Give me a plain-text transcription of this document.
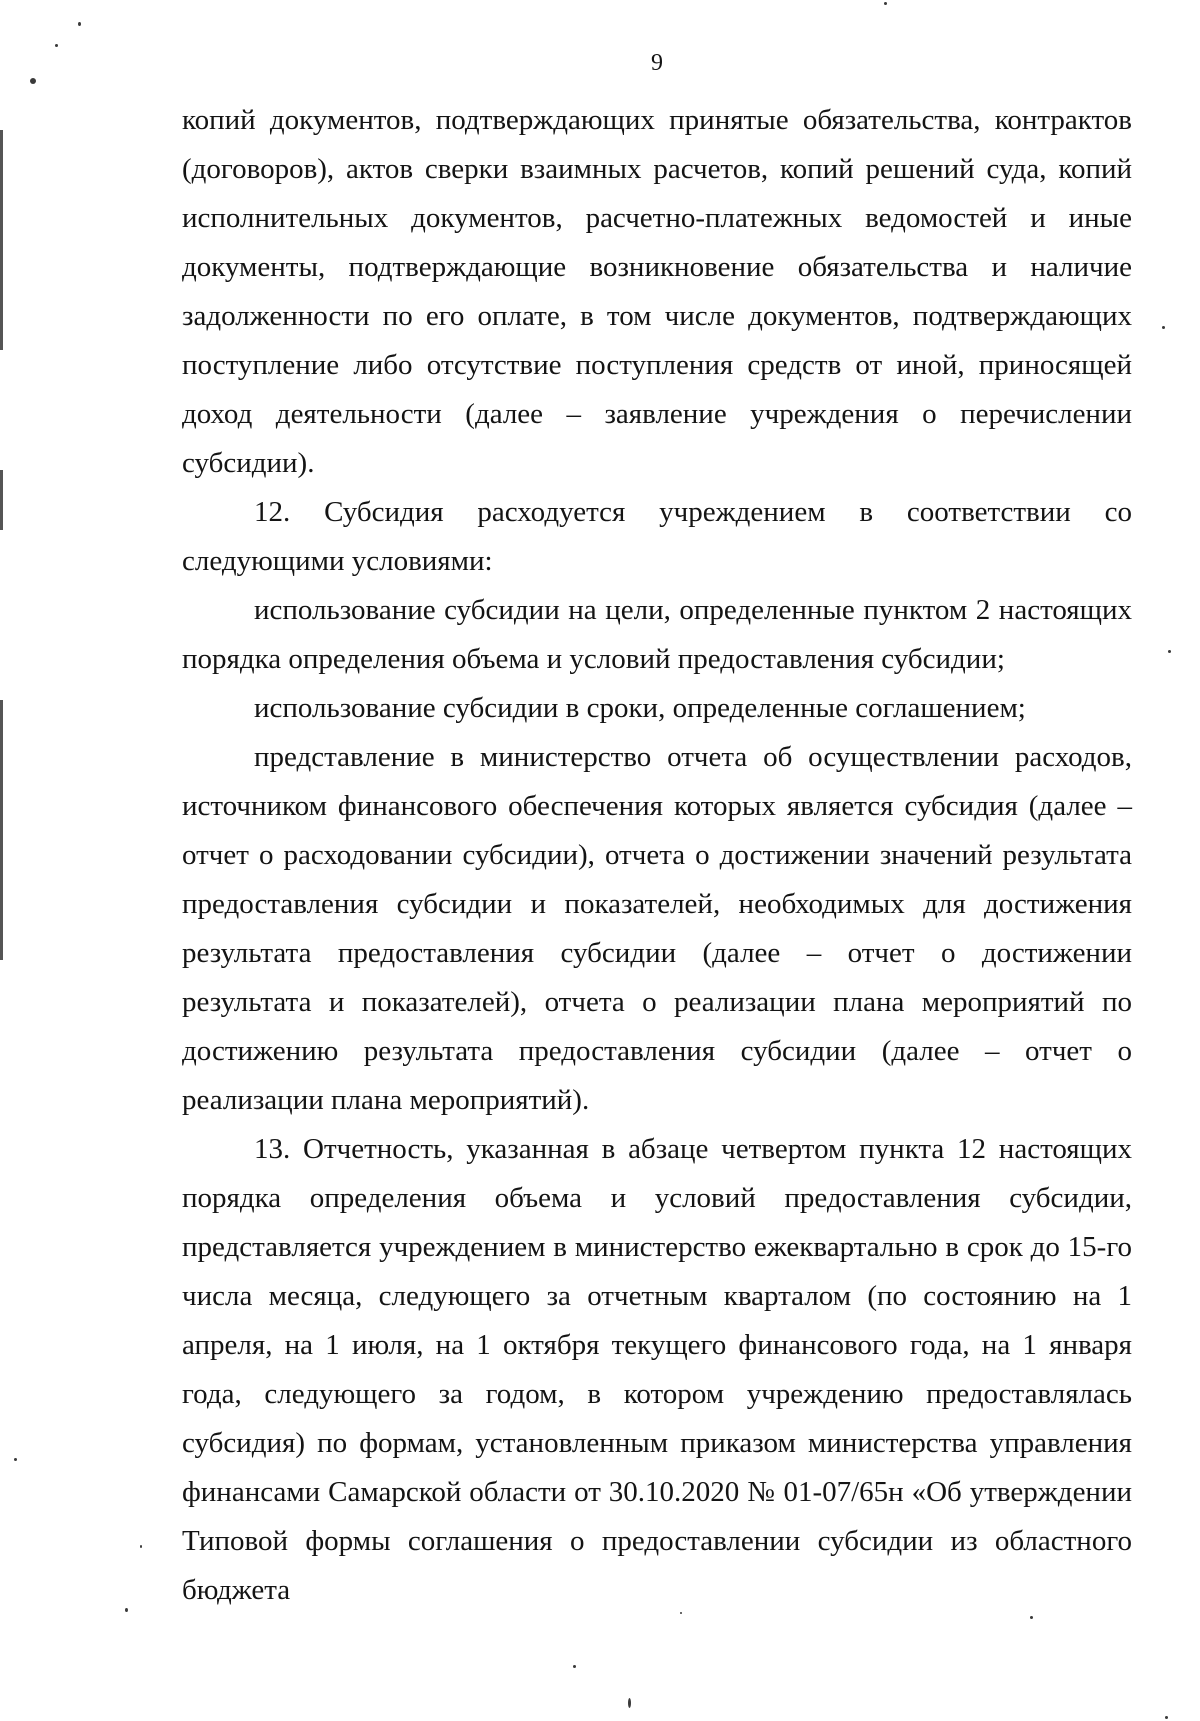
9

копий документов, подтверждающих принятые обязательства, контрактов (договоров), актов сверки взаимных расчетов, копий решений суда, копий исполнительных документов, расчетно-платежных ведомостей и иные документы, подтверждающие возникновение обязательства и наличие задолженности по его оплате, в том числе документов, подтверждающих поступление либо отсутствие поступления средств от иной, приносящей доход деятельности (далее – заявление учреждения о перечислении субсидии).

12. Субсидия расходуется учреждением в соответствии со следующими условиями:

использование субсидии на цели, определенные пунктом 2 настоящих порядка определения объема и условий предоставления субсидии;

использование субсидии в сроки, определенные соглашением;

представление в министерство отчета об осуществлении расходов, источником финансового обеспечения которых является субсидия (далее – отчет о расходовании субсидии), отчета о достижении значений результата предоставления субсидии и показателей, необходимых для достижения результата предоставления субсидии (далее – отчет о достижении результата и показателей), отчета о реализации плана мероприятий по достижению результата предоставления субсидии (далее – отчет о реализации плана мероприятий).

13. Отчетность, указанная в абзаце четвертом пункта 12 настоящих порядка определения объема и условий предоставления субсидии, представляется учреждением в министерство ежеквартально в срок до 15-го числа месяца, следующего за отчетным кварталом (по состоянию на 1 апреля, на 1 июля, на 1 октября текущего финансового года, на 1 января года, следующего за годом, в котором учреждению предоставлялась субсидия) по формам, установленным приказом министерства управления финансами Самарской области от 30.10.2020 № 01-07/65н «Об утверждении Типовой формы соглашения о предоставлении субсидии из областного бюджета
